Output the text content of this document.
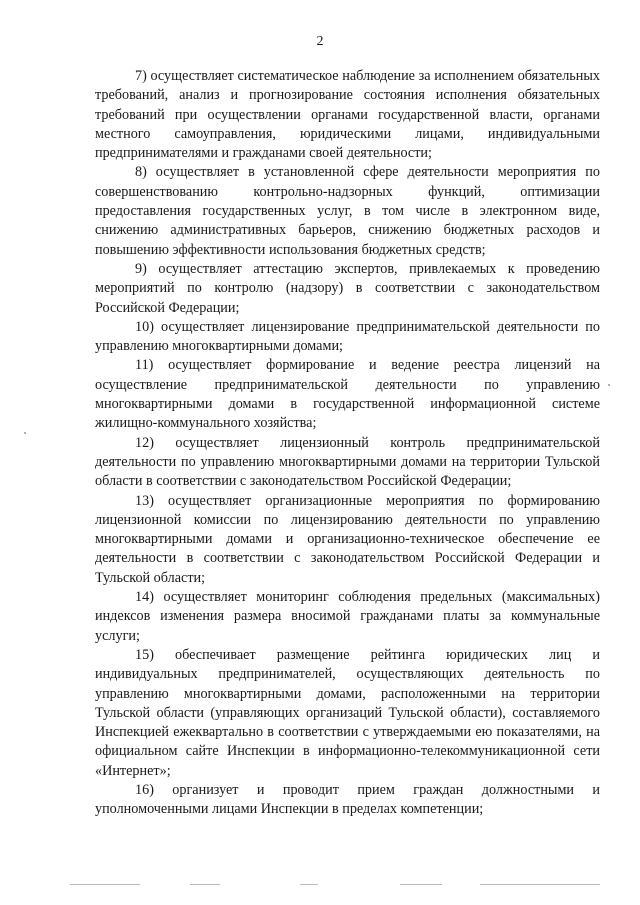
2

7) осуществляет систематическое наблюдение за исполнением обязательных требований, анализ и прогнозирование состояния исполнения обязательных требований при осуществлении органами государственной власти, органами местного самоуправления, юридическими лицами, индивидуальными предпринимателями и гражданами своей деятельности;

8) осуществляет в установленной сфере деятельности мероприятия по совершенствованию контрольно-надзорных функций, оптимизации предоставления государственных услуг, в том числе в электронном виде, снижению административных барьеров, снижению бюджетных расходов и повышению эффективности использования бюджетных средств;

9) осуществляет аттестацию экспертов, привлекаемых к проведению мероприятий по контролю (надзору) в соответствии с законодательством Российской Федерации;

10) осуществляет лицензирование предпринимательской деятельности по управлению многоквартирными домами;

11) осуществляет формирование и ведение реестра лицензий на осуществление предпринимательской деятельности по управлению многоквартирными домами в государственной информационной системе жилищно-коммунального хозяйства;

12) осуществляет лицензионный контроль предпринимательской деятельности по управлению многоквартирными домами на территории Тульской области в соответствии с законодательством Российской Федерации;

13) осуществляет организационные мероприятия по формированию лицензионной комиссии по лицензированию деятельности по управлению многоквартирными домами и организационно-техническое обеспечение ее деятельности в соответствии с законодательством Российской Федерации и Тульской области;

14) осуществляет мониторинг соблюдения предельных (максимальных) индексов изменения размера вносимой гражданами платы за коммунальные услуги;

15) обеспечивает размещение рейтинга юридических лиц и индивидуальных предпринимателей, осуществляющих деятельность по управлению многоквартирными домами, расположенными на территории Тульской области (управляющих организаций Тульской области), составляемого Инспекцией ежеквартально в соответствии с утверждаемыми ею показателями, на официальном сайте Инспекции в информационно-телекоммуникационной сети «Интернет»;

16) организует и проводит прием граждан должностными и уполномоченными лицами Инспекции в пределах компетенции;
